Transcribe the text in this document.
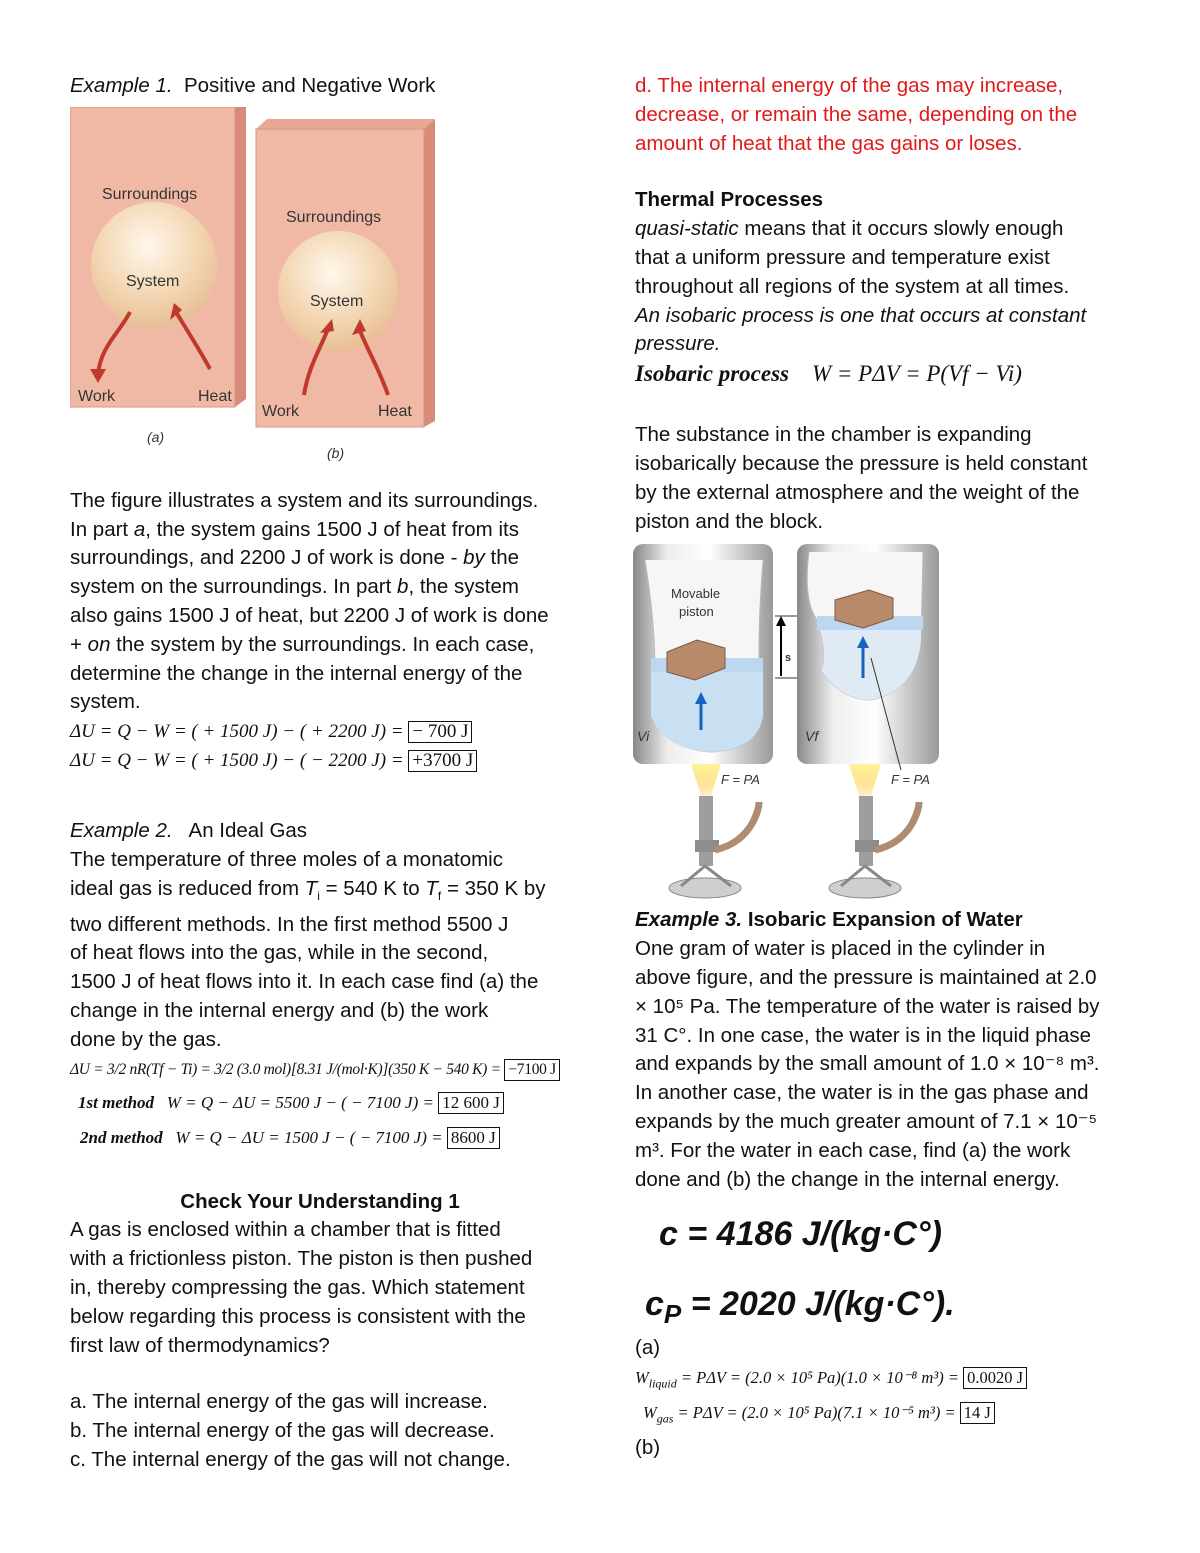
Example 1. Positive and Negative Work

Surroundings
System
Work	Heat
(a)
Surroundings
System
Work	Heat
(b)

The figure illustrates a system and its surroundings.

In part a, the system gains 1500 J of heat from its

surroundings, and 2200 J of work is done - by the

system on the surroundings. In part b, the system

also gains 1500 J of heat, but 2200 J of work is done

+ on the system by the surroundings. In each case,

determine the change in the internal energy of the

system.

ΔU = Q − W = ( + 1500 J) − ( + 2200 J) = − 700 J
ΔU = Q − W = ( + 1500 J) − ( − 2200 J) = +3700 J

Example 2. An Ideal Gas

The temperature of three moles of a monatomic

ideal gas is reduced from $T_i = 540$ K to $T_f = 350$ K by

two different methods. In the first method 5500 J

of heat flows into the gas, while in the second,

1500 J of heat flows into it. In each case find (a) the

change in the internal energy and (b) the work

done by the gas.

ΔU = 3/2 nR(Tf − Ti) = 3/2 (3.0 mol)[8.31 J/(mol·K)](350 K − 540 K) = −7100 J
1st method W = Q − ΔU = 5500 J − ( − 7100 J) = 12 600 J
2nd method W = Q − ΔU = 1500 J − ( − 7100 J) = 8600 J

Check Your Understanding 1

A gas is enclosed within a chamber that is fitted

with a frictionless piston. The piston is then pushed

in, thereby compressing the gas. Which statement

below regarding this process is consistent with the

first law of thermodynamics?

a. The internal energy of the gas will increase.

b. The internal energy of the gas will decrease.

c. The internal energy of the gas will not change.

d. The internal energy of the gas may increase,

decrease, or remain the same, depending on the

amount of heat that the gas gains or loses.

Thermal Processes

quasi-static means that it occurs slowly enough

that a uniform pressure and temperature exist

throughout all regions of the system at all times.

An isobaric process is one that occurs at constant

pressure.

Isobaric process W = PΔV = P(Vf − Vi)

The substance in the chamber is expanding

isobarically because the pressure is held constant

by the external atmosphere and the weight of the

piston and the block.

Movable
piston
s
Vi	Vf
F = PA	F = PA

Example 3. Isobaric Expansion of Water

One gram of water is placed in the cylinder in

above figure, and the pressure is maintained at 2.0

× 10⁵ Pa. The temperature of the water is raised by

31 C°. In one case, the water is in the liquid phase

and expands by the small amount of 1.0 × 10⁻⁸ m³.

In another case, the water is in the gas phase and

expands by the much greater amount of 7.1 × 10⁻⁵

m³. For the water in each case, find (a) the work

done and (b) the change in the internal energy.

c = 4186 J/(kg·C°)
$c_P = 2020$ J/(kg·C°).

(a)

$W_{liquid} = P\Delta V = (2.0 \times 10^5$ Pa)(1.0 × 10⁻⁸ m³) = 0.0020 J
$W_{gas} = P\Delta V = (2.0 \times 10^5$ Pa)(7.1 × 10⁻⁵ m³) = 14 J

(b)
